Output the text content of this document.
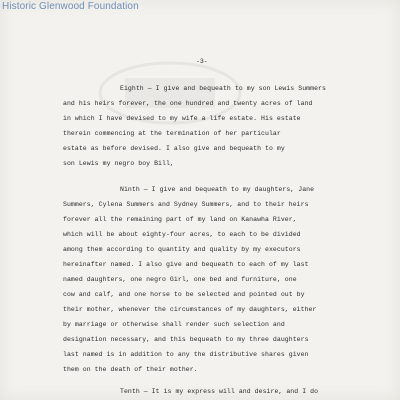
Historic Glenwood Foundation
-3-
Eighth — I give and bequeath to my son Lewis Summers
and his heirs forever, the one hundred and twenty acres of land
in which I have devised to my wife a life estate. His estate
therein commencing at the termination of her particular
estate as before devised. I also give and bequeath to my
son Lewis my negro boy Bill,
Ninth — I give and bequeath to my daughters, Jane
Summers, Cylena Summers and Sydney Summers, and to their heirs
forever all the remaining part of my land on Kanawha River,
which will be about eighty-four acres, to each to be divided
among them according to quantity and quality by my executors
hereinafter named. I also give and bequeath to each of my last
named daughters, one negro Girl, one bed and furniture, one
cow and calf, and one horse to be selected and pointed out by
their mother, whenever the circumstances of my daughters, either
by marriage or otherwise shall render such selection and
designation necessary, and this bequeath to my three daughters
last named is in addition to any the distributive shares given
them on the death of their mother.
Tenth — It is my express will and desire, and I do
